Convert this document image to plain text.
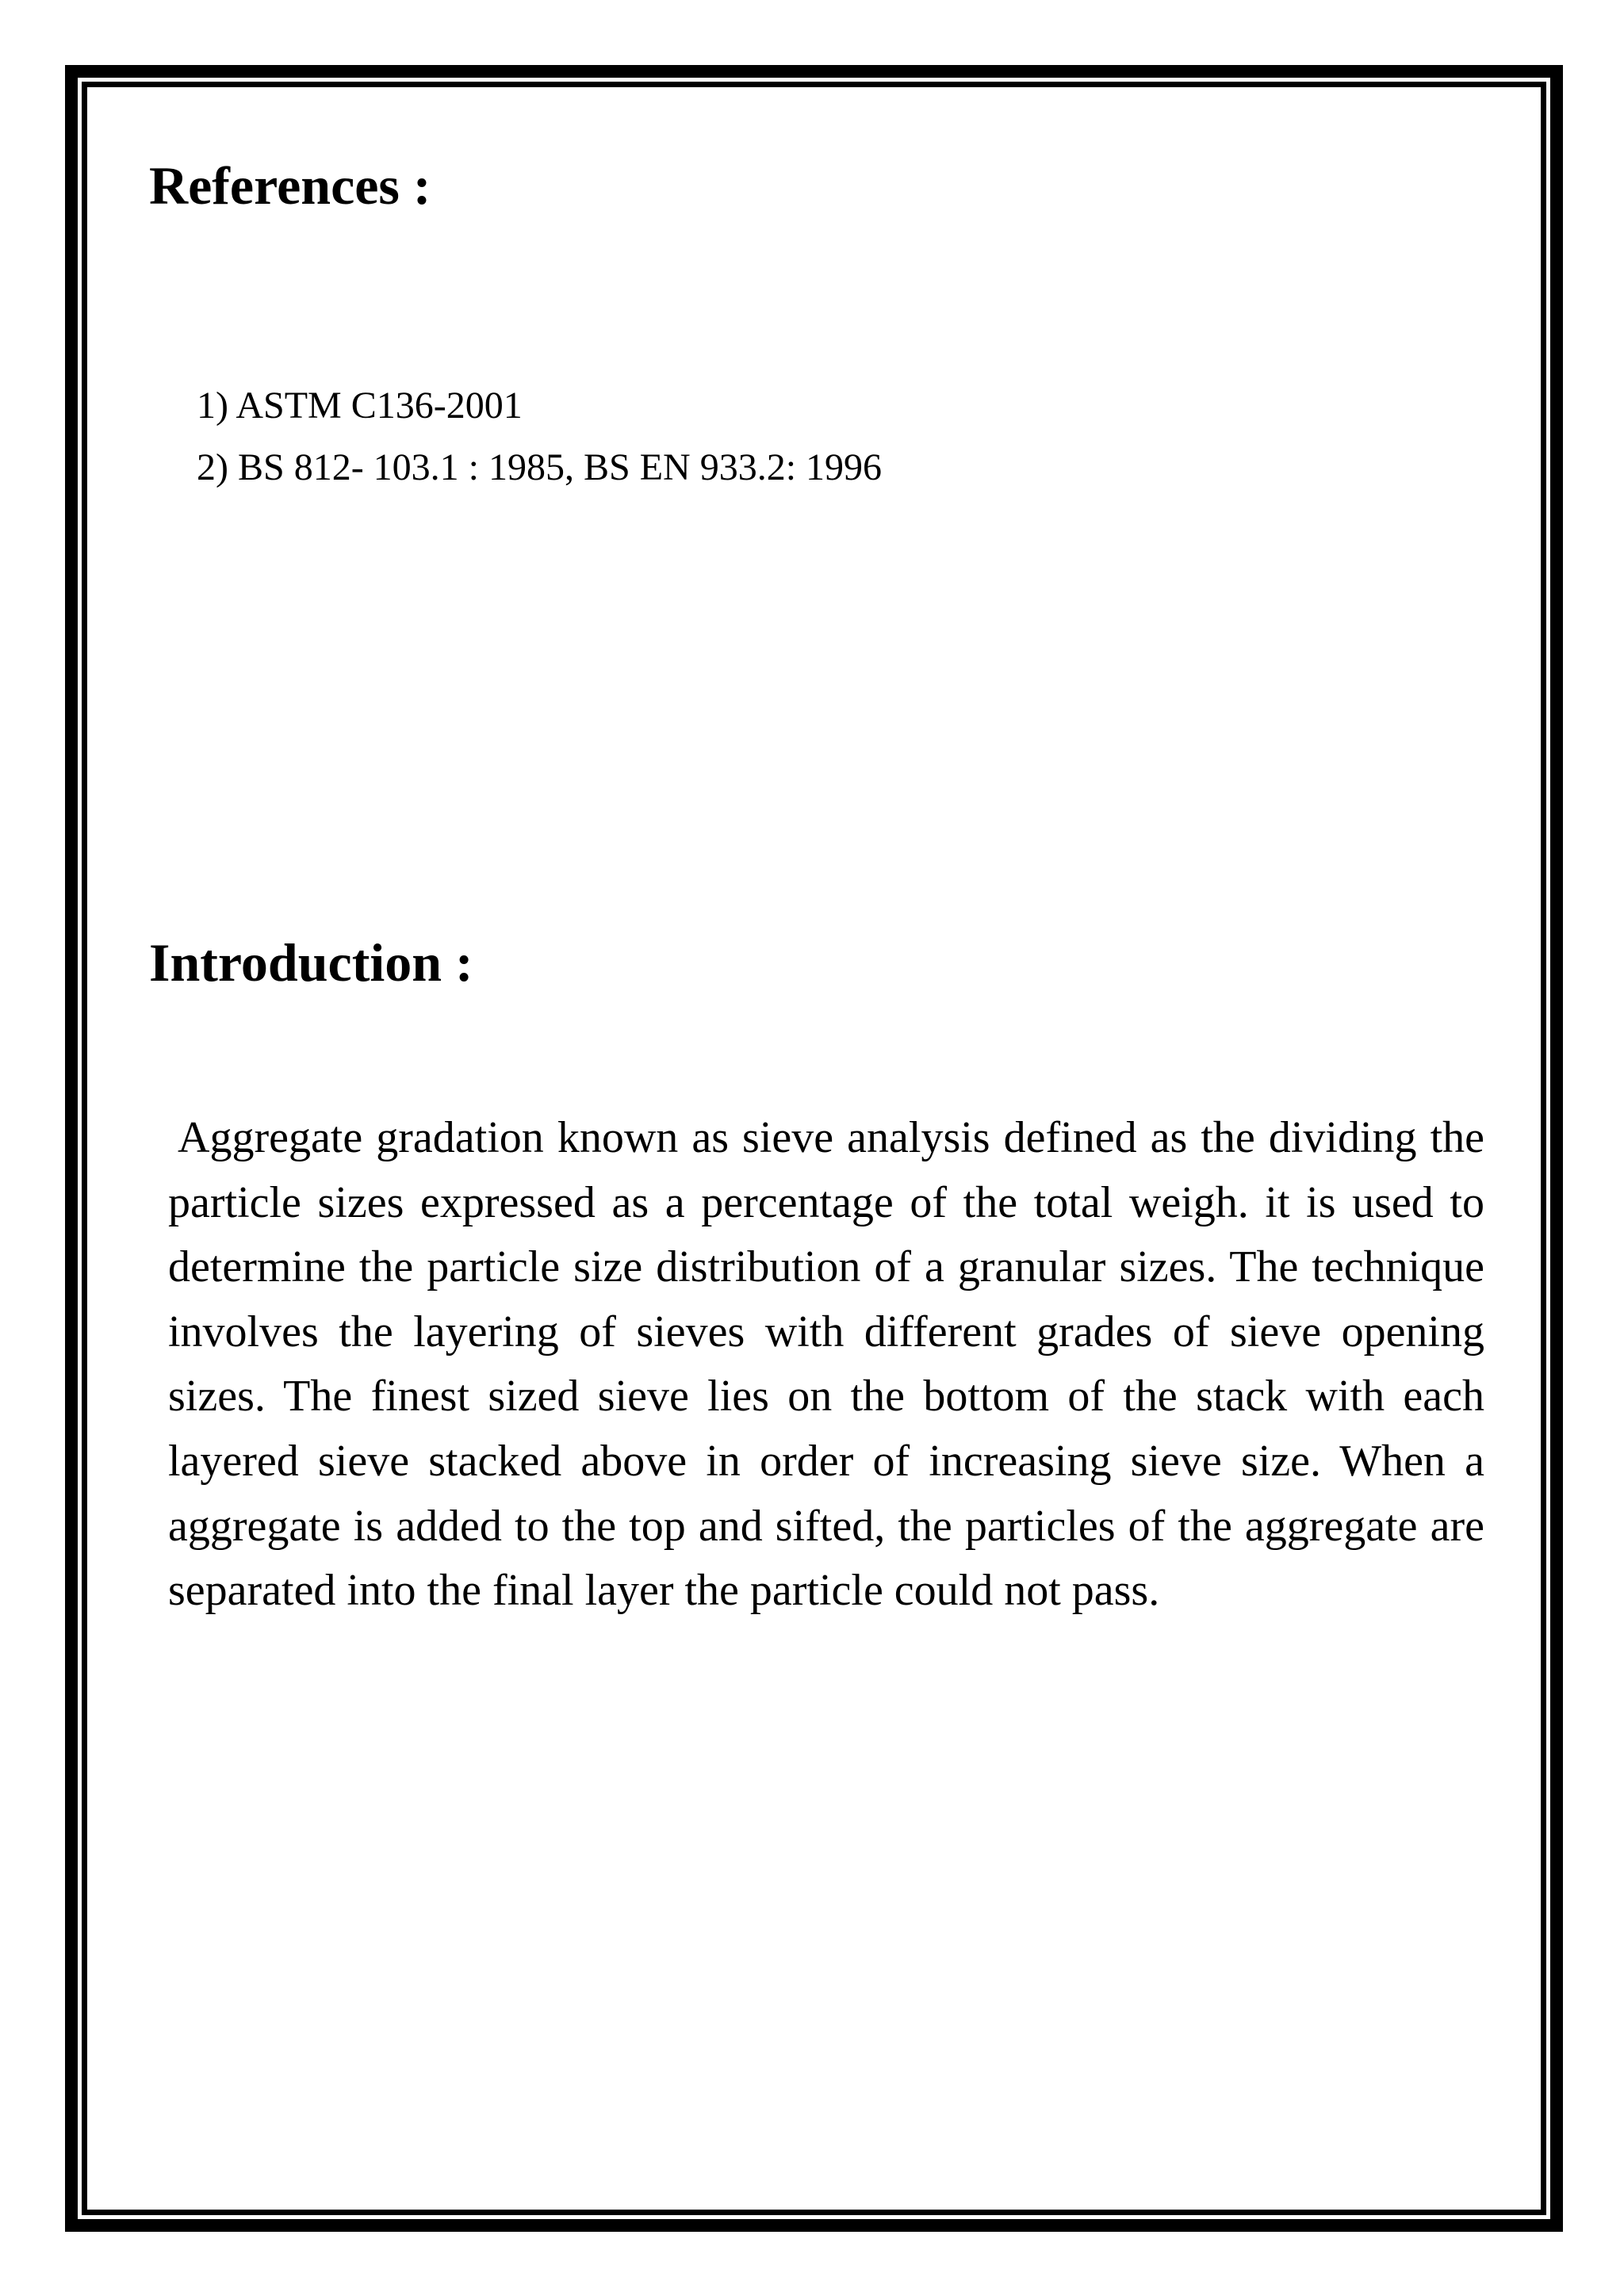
References :
1) ASTM C136-2001
2) BS 812- 103.1 : 1985, BS EN 933.2: 1996
Introduction :

Aggregate gradation known as sieve analysis defined as the dividing the particle sizes expressed as a percentage of the total weigh. it is used to determine the particle size distribution of a granular sizes. The technique involves the layering of sieves with different grades of sieve opening sizes. The finest sized sieve lies on the bottom of the stack with each layered sieve stacked above in order of increasing sieve size. When a aggregate is added to the top and sifted, the particles of the aggregate are separated into the final layer the particle could not pass.
